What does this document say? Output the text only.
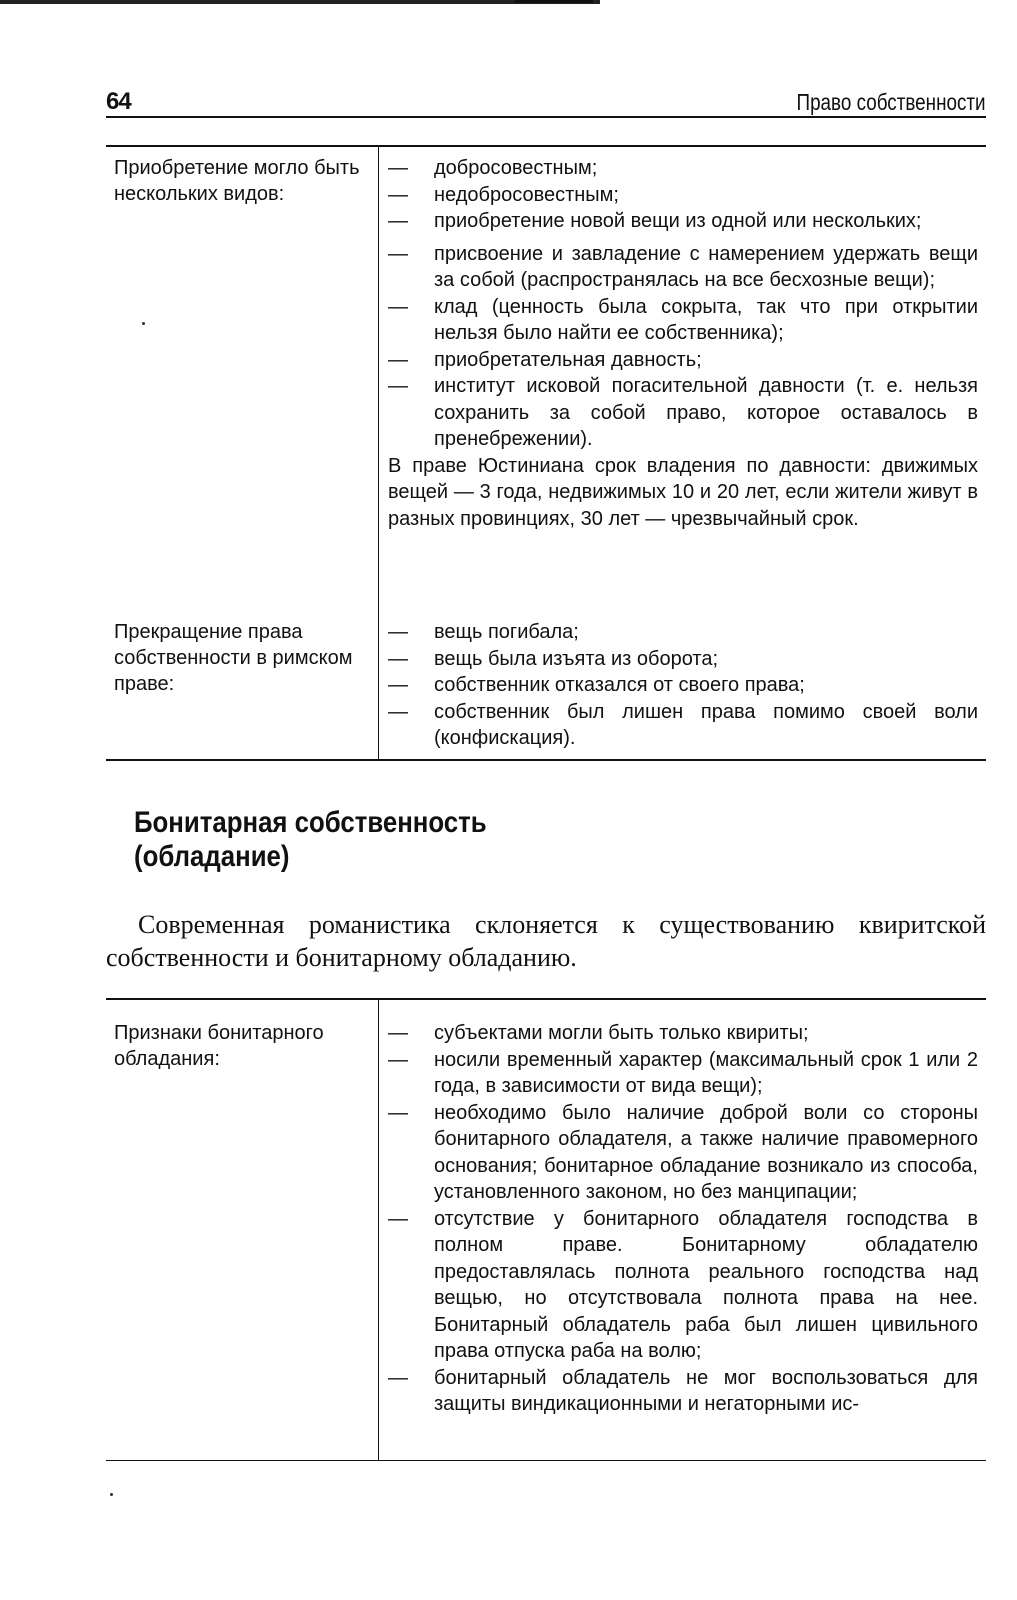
64	Право собственности
Приобретение могло быть нескольких видов:
— добросовестным;
— недобросовестным;
— приобретение новой вещи из одной или нескольких;
— присвоение и завладение с намерением удержать вещи за собой (распространялась на все бесхозные вещи);
— клад (ценность была сокрыта, так что при открытии нельзя было найти ее собственника);
— приобретательная давность;
— институт исковой погасительной давности (т. е. нельзя сохранить за собой право, которое оставалось в пренебрежении).
В праве Юстиниана срок владения по давности: движимых вещей — 3 года, недвижимых 10 и 20 лет, если жители живут в разных провинциях, 30 лет — чрезвычайный срок.
Прекращение права собственности в римском праве:
— вещь погибала;
— вещь была изъята из оборота;
— собственник отказался от своего права;
— собственник был лишен права помимо своей воли (конфискация).
Бонитарная собственность
(обладание)
Современная романистика склоняется к существованию квиритской собственности и бонитарному обладанию.
Признаки бонитарного обладания:
— субъектами могли быть только квириты;
— носили временный характер (максимальный срок 1 или 2 года, в зависимости от вида вещи);
— необходимо было наличие доброй воли со стороны бонитарного обладателя, а также наличие правомерного основания; бонитарное обладание возникало из способа, установленного законом, но без манципации;
— отсутствие у бонитарного обладателя господства в полном праве. Бонитарному обладателю предоставлялась полнота реального господства над вещью, но отсутствовала полнота права на нее. Бонитарный обладатель раба был лишен цивильного права отпуска раба на волю;
— бонитарный обладатель не мог воспользоваться для защиты виндикационными и негаторными ис-
